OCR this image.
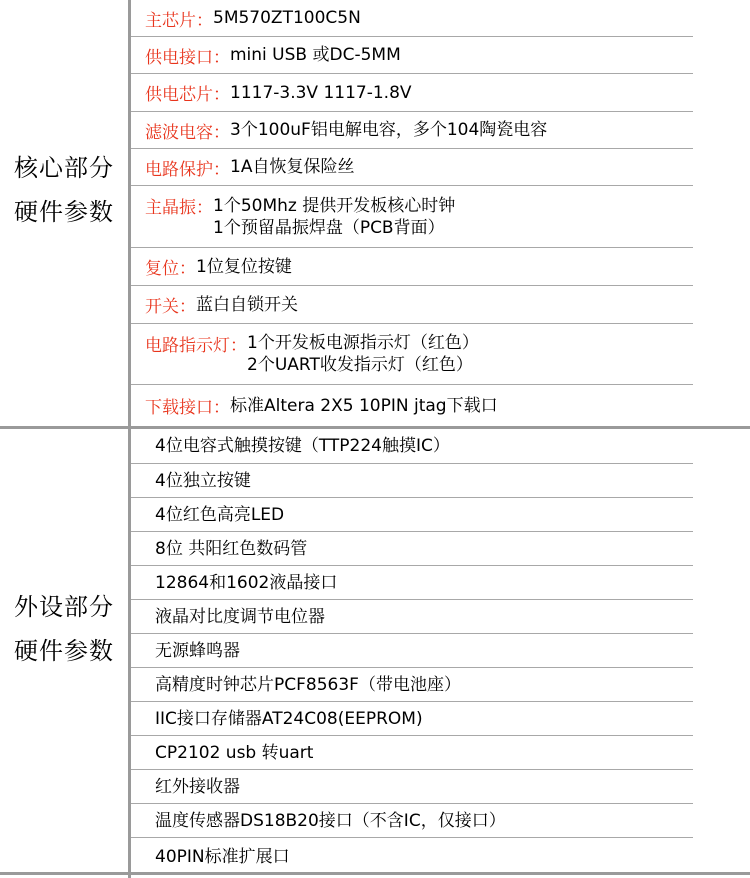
核心部分
硬件参数
外设部分
硬件参数
主芯片： 5M570ZT100C5N
供电接口： mini USB 或DC-5MM
供电芯片： 1117-3.3V 1117-1.8V
滤波电容： 3个100uF铝电解电容，多个104陶瓷电容
电路保护： 1A自恢复保险丝
主晶振： 1个50Mhz 提供开发板核心时钟
1个预留晶振焊盘（PCB背面）
复位： 1位复位按键
开关： 蓝白自锁开关
电路指示灯： 1个开发板电源指示灯（红色）
2个UART收发指示灯（红色）
下载接口： 标准Altera 2X5 10PIN jtag下载口
4位电容式触摸按键（TTP224触摸IC）
4位独立按键
4位红色高亮LED
8位 共阳红色数码管
12864和1602液晶接口
液晶对比度调节电位器
无源蜂鸣器
高精度时钟芯片PCF8563F（带电池座）
IIC接口存储器AT24C08(EEPROM)
CP2102 usb 转uart
红外接收器
温度传感器DS18B20接口（不含IC，仅接口）
40PIN标准扩展口
